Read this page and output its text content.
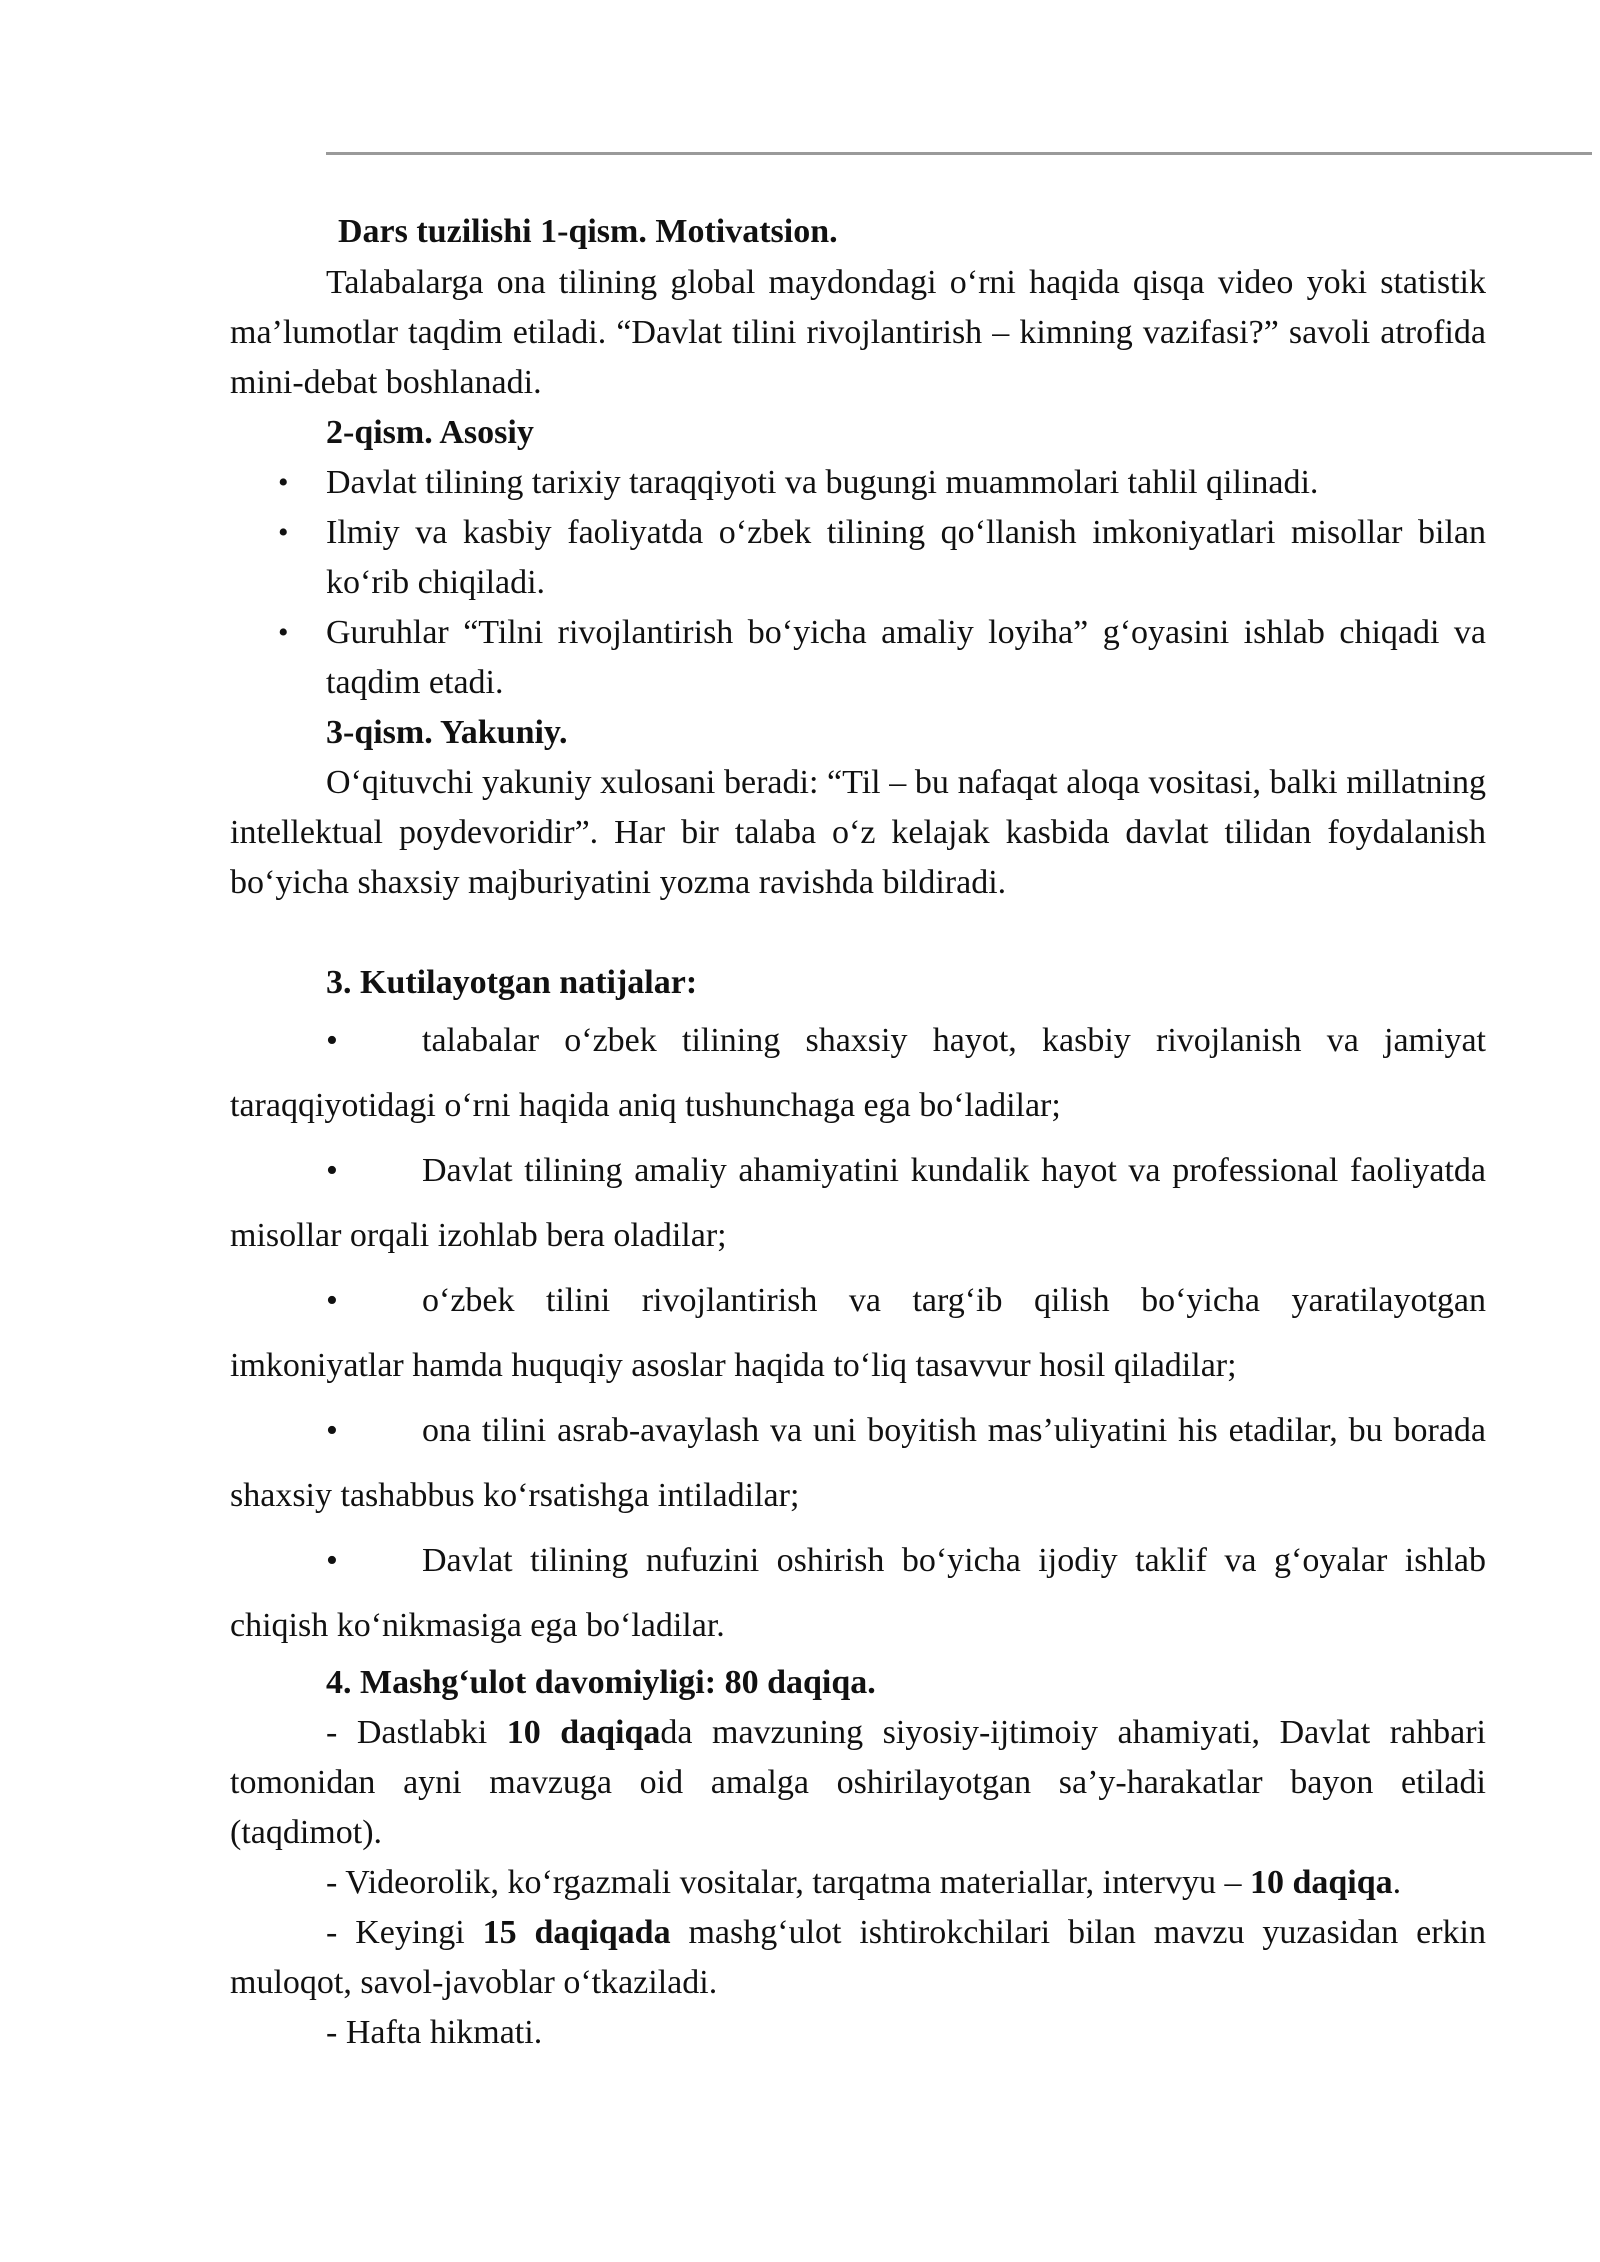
Dars tuzilishi 1-qism. Motivatsion.

Talabalarga ona tilining global maydondagi o‘rni haqida qisqa video yoki statistik ma’lumotlar taqdim etiladi. “Davlat tilini rivojlantirish – kimning vazifasi?” savoli atrofida mini-debat boshlanadi.

2-qism. Asosiy

• Davlat tilining tarixiy taraqqiyoti va bugungi muammolari tahlil qilinadi.
• Ilmiy va kasbiy faoliyatda o‘zbek tilining qo‘llanish imkoniyatlari misollar bilan ko‘rib chiqiladi.
• Guruhlar “Tilni rivojlantirish bo‘yicha amaliy loyiha” g‘oyasini ishlab chiqadi va taqdim etadi.

3-qism. Yakuniy.

O‘qituvchi yakuniy xulosani beradi: “Til – bu nafaqat aloqa vositasi, balki millatning intellektual poydevoridir”. Har bir talaba o‘z kelajak kasbida davlat tilidan foydalanish bo‘yicha shaxsiy majburiyatini yozma ravishda bildiradi.

3. Kutilayotgan natijalar:

• talabalar o‘zbek tilining shaxsiy hayot, kasbiy rivojlanish va jamiyat taraqqiyotidagi o‘rni haqida aniq tushunchaga ega bo‘ladilar;

• Davlat tilining amaliy ahamiyatini kundalik hayot va professional faoliyatda misollar orqali izohlab bera oladilar;

• o‘zbek tilini rivojlantirish va targ‘ib qilish bo‘yicha yaratilayotgan imkoniyatlar hamda huquqiy asoslar haqida to‘liq tasavvur hosil qiladilar;

• ona tilini asrab-avaylash va uni boyitish mas’uliyatini his etadilar, bu borada shaxsiy tashabbus ko‘rsatishga intiladilar;

• Davlat tilining nufuzini oshirish bo‘yicha ijodiy taklif va g‘oyalar ishlab chiqish ko‘nikmasiga ega bo‘ladilar.

4. Mashg‘ulot davomiyligi: 80 daqiqa.

- Dastlabki 10 daqiqada mavzuning siyosiy-ijtimoiy ahamiyati, Davlat rahbari tomonidan ayni mavzuga oid amalga oshirilayotgan sa’y-harakatlar bayon etiladi (taqdimot).

- Videorolik, ko‘rgazmali vositalar, tarqatma materiallar, intervyu – 10 daqiqa.

- Keyingi 15 daqiqada mashg‘ulot ishtirokchilari bilan mavzu yuzasidan erkin muloqot, savol-javoblar o‘tkaziladi.

- Hafta hikmati.
